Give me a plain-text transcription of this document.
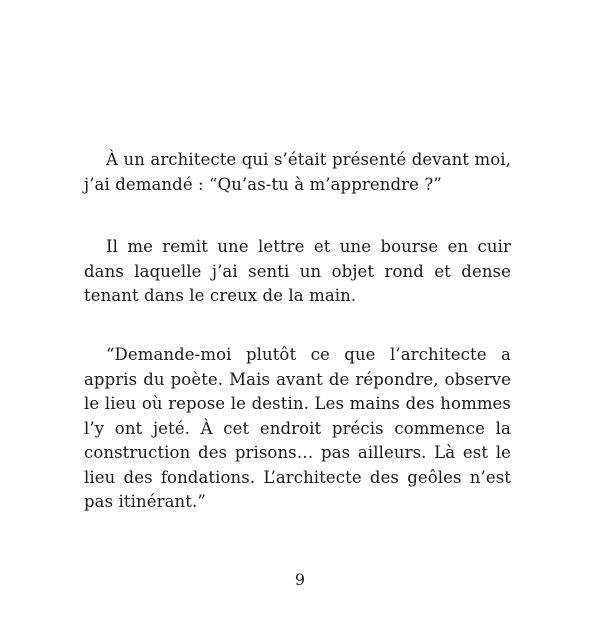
À un architecte qui s’était présenté devant moi, j’ai demandé : “Qu’as-tu à m’apprendre ?”

Il me remit une lettre et une bourse en cuir dans laquelle j’ai senti un objet rond et dense tenant dans le creux de la main.

“Demande-moi plutôt ce que l’architecte a appris du poète. Mais avant de répondre, observe le lieu où repose le destin. Les mains des hommes l’y ont jeté. À cet endroit précis commence la construction des prisons… pas ailleurs. Là est le lieu des fondations. L’architecte des geôles n’est pas itinérant.”

9
